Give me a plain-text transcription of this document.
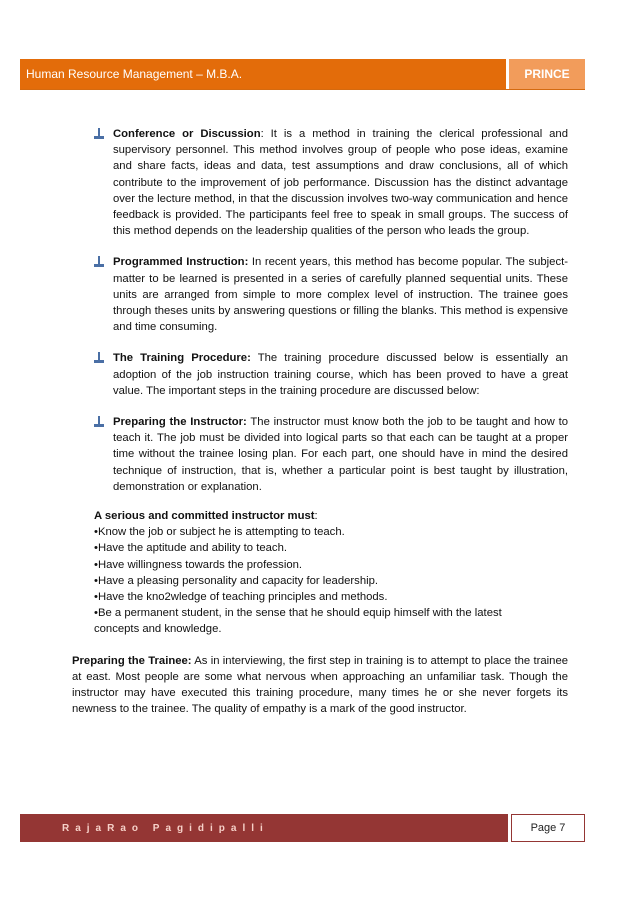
Human Resource Management – M.B.A.	PRINCE
Conference or Discussion: It is a method in training the clerical professional and supervisory personnel. This method involves group of people who pose ideas, examine and share facts, ideas and data, test assumptions and draw conclusions, all of which contribute to the improvement of job performance. Discussion has the distinct advantage over the lecture method, in that the discussion involves two-way communication and hence feedback is provided. The participants feel free to speak in small groups. The success of this method depends on the leadership qualities of the person who leads the group.
Programmed Instruction: In recent years, this method has become popular. The subject-matter to be learned is presented in a series of carefully planned sequential units. These units are arranged from simple to more complex level of instruction. The trainee goes through theses units by answering questions or filling the blanks. This method is expensive and time consuming.
The Training Procedure: The training procedure discussed below is essentially an adoption of the job instruction training course, which has been proved to have a great value. The important steps in the training procedure are discussed below:
Preparing the Instructor: The instructor must know both the job to be taught and how to teach it. The job must be divided into logical parts so that each can be taught at a proper time without the trainee losing plan. For each part, one should have in mind the desired technique of instruction, that is, whether a particular point is best taught by illustration, demonstration or explanation.
A serious and committed instructor must:
•Know the job or subject he is attempting to teach.
•Have the aptitude and ability to teach.
•Have willingness towards the profession.
•Have a pleasing personality and capacity for leadership.
•Have the kno2wledge of teaching principles and methods.
•Be a permanent student, in the sense that he should equip himself with the latest
concepts and knowledge.
Preparing the Trainee: As in interviewing, the first step in training is to attempt to place the trainee at east. Most people are some what nervous when approaching an unfamiliar task. Though the instructor may have executed this training procedure, many times he or she never forgets its newness to the trainee. The quality of empathy is a mark of the good instructor.
RajaRao Pagidipalli	Page 7
